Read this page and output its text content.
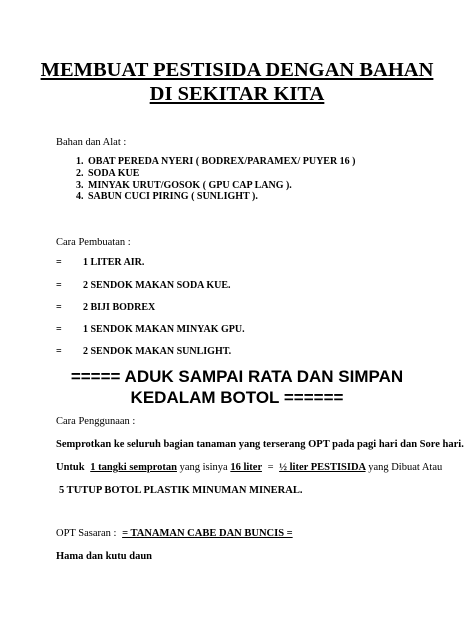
MEMBUAT PESTISIDA DENGAN BAHAN DI SEKITAR KITA
Bahan dan Alat :
1. OBAT PEREDA NYERI ( BODREX/PARAMEX/ PUYER 16 )
2. SODA KUE
3. MINYAK URUT/GOSOK ( GPU CAP LANG ).
4. SABUN CUCI PIRING ( SUNLIGHT ).
Cara Pembuatan :
= 1 LITER AIR.
= 2 SENDOK MAKAN SODA KUE.
= 2 BIJI BODREX
= 1 SENDOK MAKAN MINYAK GPU.
= 2 SENDOK MAKAN SUNLIGHT.
===== ADUK SAMPAI RATA DAN SIMPAN KEDALAM BOTOL ======
Cara Penggunaan :
Semprotkan ke seluruh bagian tanaman yang terserang OPT pada pagi hari dan Sore hari.
Untuk 1 tangki semprotan yang isinya 16 liter = ½ liter PESTISIDA yang Dibuat Atau
5 TUTUP BOTOL PLASTIK MINUMAN MINERAL.
OPT Sasaran : = TANAMAN CABE DAN BUNCIS =
Hama dan kutu daun
